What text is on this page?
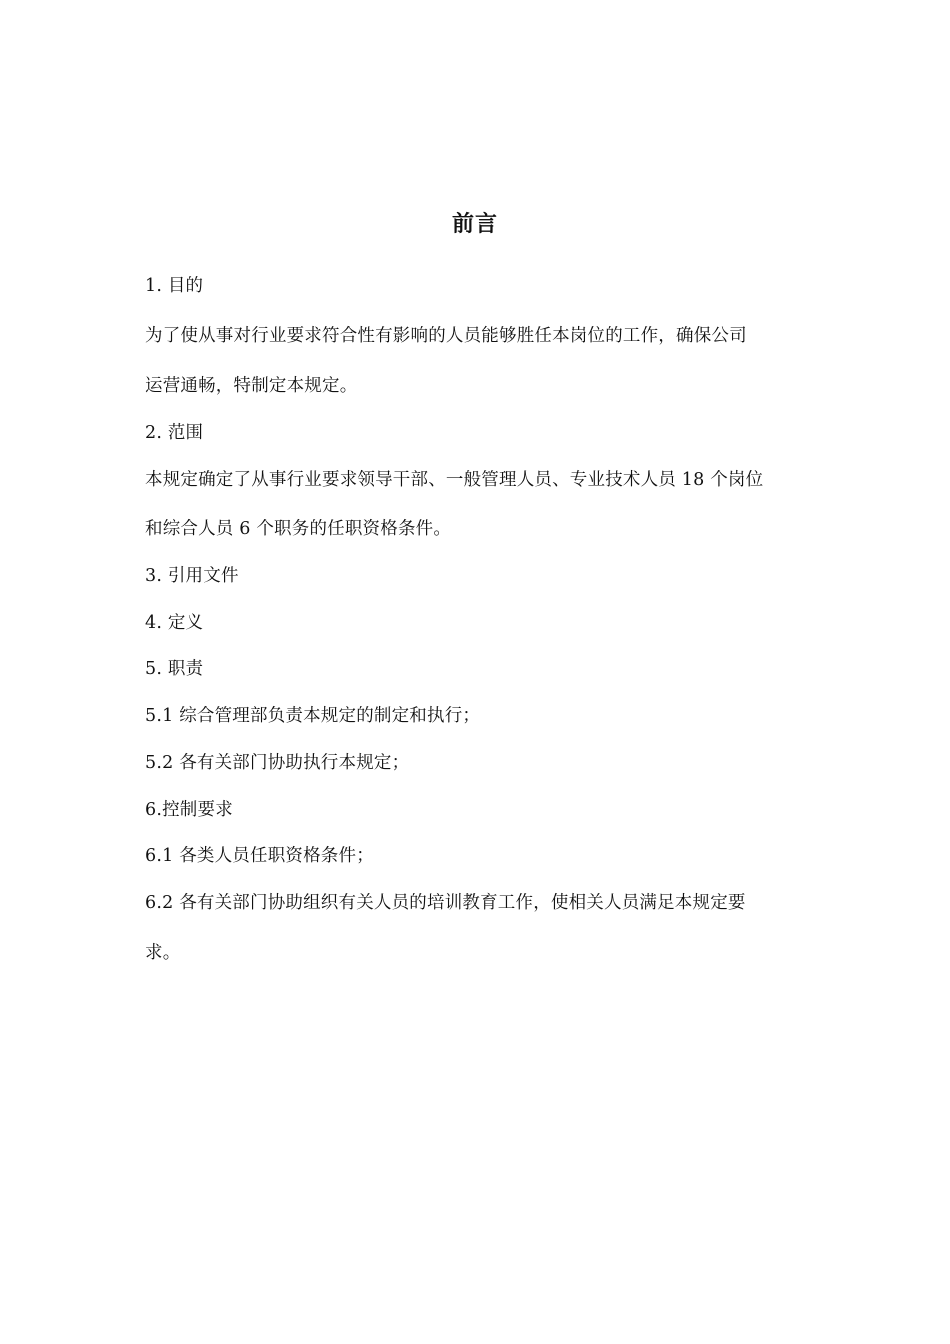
前言
1. 目的
为了使从事对行业要求符合性有影响的人员能够胜任本岗位的工作，确保公司
运营通畅，特制定本规定。
2. 范围
本规定确定了从事行业要求领导干部、一般管理人员、专业技术人员 18 个岗位
和综合人员 6 个职务的任职资格条件。
3. 引用文件
4. 定义
5. 职责
5.1 综合管理部负责本规定的制定和执行；
5.2 各有关部门协助执行本规定；
6.控制要求
6.1 各类人员任职资格条件；
6.2 各有关部门协助组织有关人员的培训教育工作，使相关人员满足本规定要
求。
